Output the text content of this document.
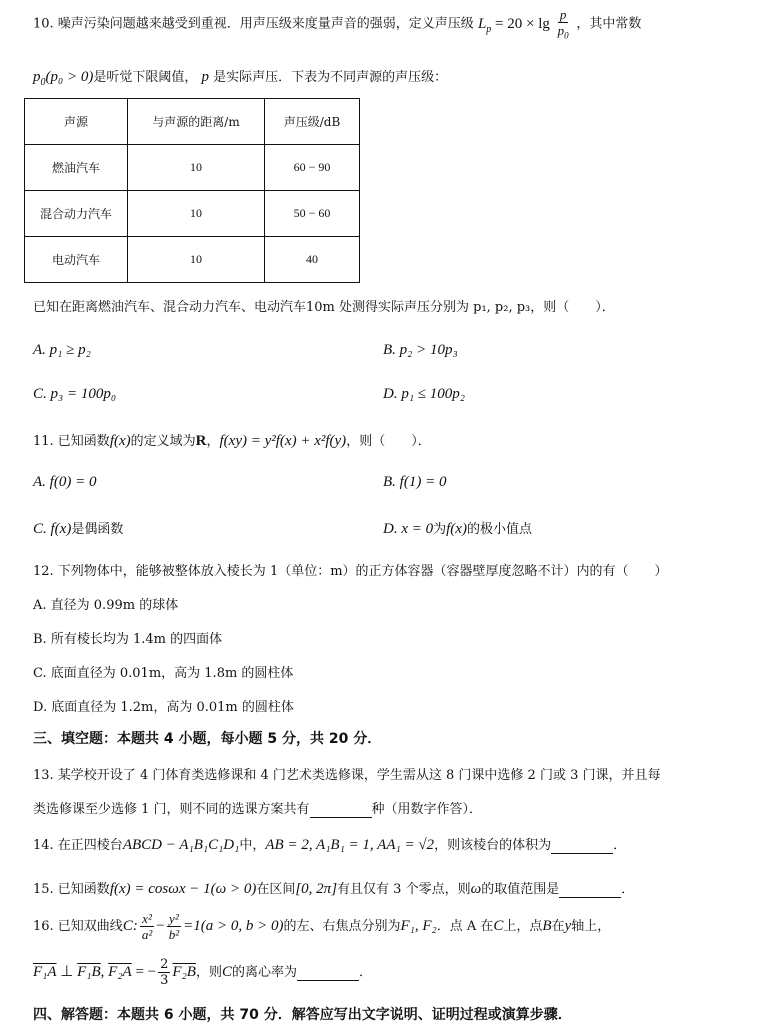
10. 噪声污染问题越来越受到重视．用声压级来度量声音的强弱，定义声压级 $L_p = 20 \times \lg \frac{p}{p_0}$ ，其中常数
$p_0(p_0 > 0)$是听觉下限阈值， p 是实际声压．下表为不同声源的声压级：
声源	与声源的距离/m	声压级/dB
燃油汽车	10	60 − 90
混合动力汽车	10	50 − 60
电动汽车	10	40
已知在距离燃油汽车、混合动力汽车、电动汽车10m 处测得实际声压分别为 p₁, p₂, p₃，则（　　）．
A. p₁ ≥ p₂	B. p₂ > 10p₃
C. p₃ = 100p₀	D. p₁ ≤ 100p₂
11. 已知函数f(x)的定义域为R，f(xy) = y²f(x) + x²f(y)，则（　　）．
A. f(0) = 0	B. f(1) = 0
C. f(x)是偶函数	D. x = 0为f(x)的极小值点
12. 下列物体中，能够被整体放入棱长为 1（单位：m）的正方体容器（容器壁厚度忽略不计）内的有（　　）
A. 直径为 0.99m 的球体
B. 所有棱长均为 1.4m 的四面体
C. 底面直径为 0.01m，高为 1.8m 的圆柱体
D. 底面直径为 1.2m，高为 0.01m 的圆柱体
三、填空题：本题共 4 小题，每小题 5 分，共 20 分．
13. 某学校开设了 4 门体育类选修课和 4 门艺术类选修课，学生需从这 8 门课中选修 2 门或 3 门课，并且每
类选修课至少选修 1 门，则不同的选课方案共有	种（用数字作答）．
14. 在正四棱台ABCD − A₁B₁C₁D₁中，AB = 2, A₁B₁ = 1, AA₁ = √2，则该棱台的体积为	．
15. 已知函数f(x) = cosωx − 1(ω > 0)在区间[0, 2π]有且仅有 3 个零点，则ω的取值范围是	．
16. 已知双曲线C: $\frac{\text{x²}}{\text{a²}} - \frac{\text{y²}}{\text{b²}} =1(a > 0$, b > 0)的左、右焦点分别为F₁, F₂．点 A 在C上，点B在y轴上，
F₁A ⊥ F₁B, F₂A = − $\frac{2}{3} F_2B$，则C的离心率为	．
四、解答题：本题共 6 小题，共 70 分．解答应写出文字说明、证明过程或演算步骤．
